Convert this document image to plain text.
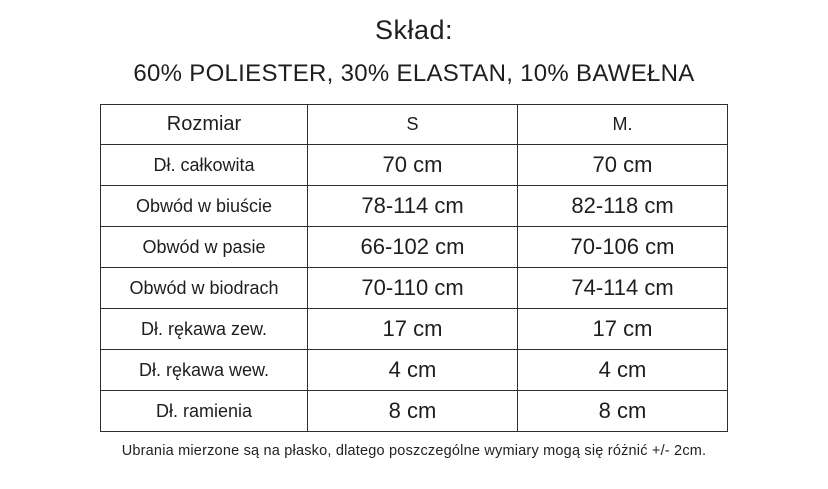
Skład:
60% POLIESTER, 30% ELASTAN, 10% BAWEŁNA
Rozmiar	S	M.
Dł. całkowita	70 cm	70 cm
Obwód w biuście	78-114 cm	82-118 cm
Obwód w pasie	66-102 cm	70-106 cm
Obwód w biodrach	70-110 cm	74-114 cm
Dł. rękawa zew.	17 cm	17 cm
Dł. rękawa wew.	4 cm	4 cm
Dł. ramienia	8 cm	8 cm
Ubrania mierzone są na płasko, dlatego poszczególne wymiary mogą się różnić +/- 2cm.
